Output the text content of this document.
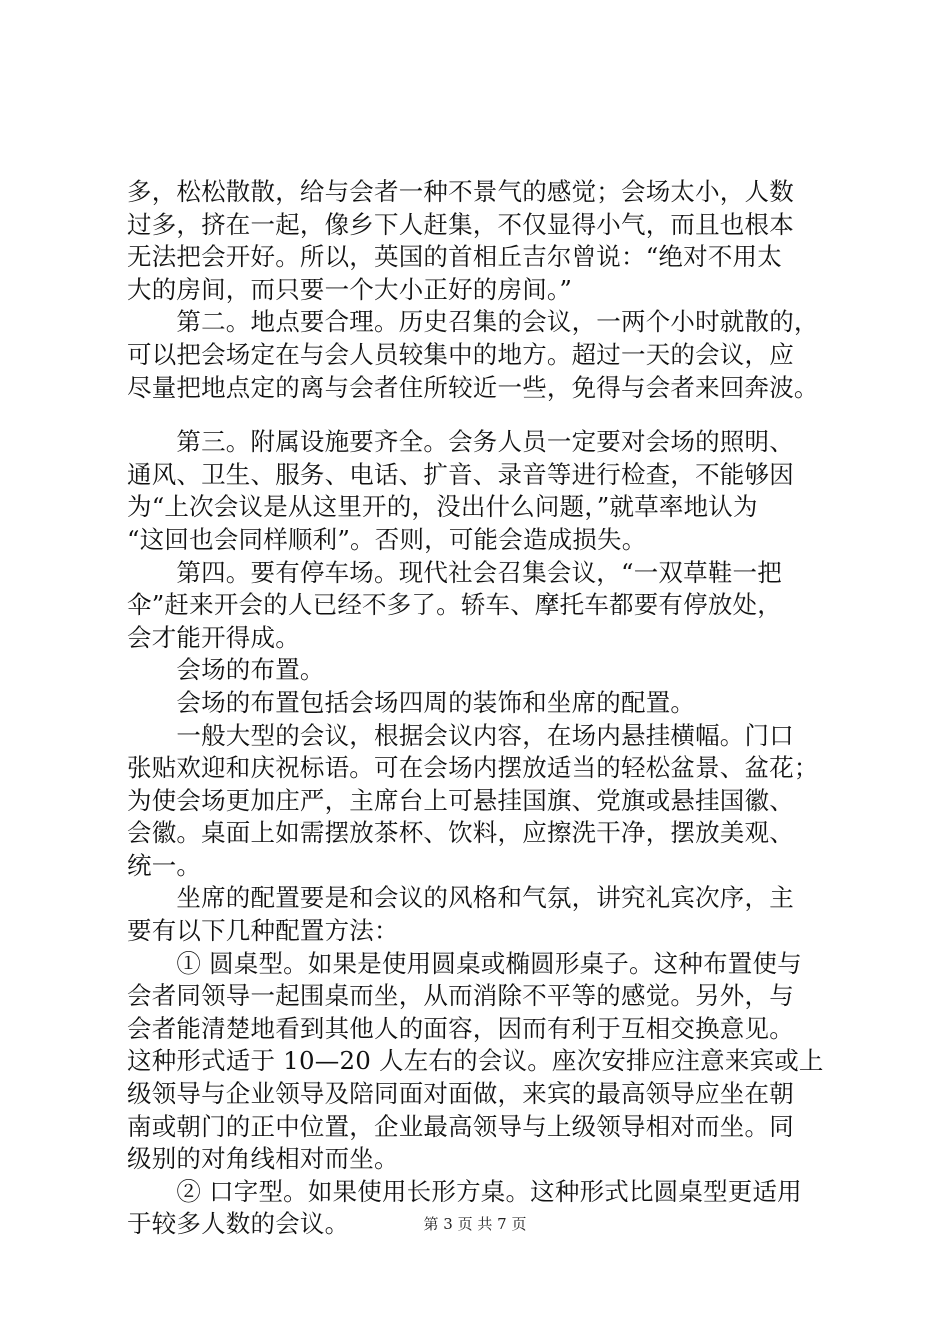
多，松松散散，给与会者一种不景气的感觉；会场太小，人数
过多，挤在一起，像乡下人赶集，不仅显得小气，而且也根本
无法把会开好。所以，英国的首相丘吉尔曾说：“绝对不用太
大的房间，而只要一个大小正好的房间。”
　　第二。地点要合理。历史召集的会议，一两个小时就散的，
可以把会场定在与会人员较集中的地方。超过一天的会议，应
尽量把地点定的离与会者住所较近一些，免得与会者来回奔波。
　　第三。附属设施要齐全。会务人员一定要对会场的照明、
通风、卫生、服务、电话、扩音、录音等进行检查，不能够因
为“上次会议是从这里开的，没出什么问题，”就草率地认为
“这回也会同样顺利”。否则，可能会造成损失。
　　第四。要有停车场。现代社会召集会议，“一双草鞋一把
伞”赶来开会的人已经不多了。轿车、摩托车都要有停放处，
会才能开得成。
　　会场的布置。
　　会场的布置包括会场四周的装饰和坐席的配置。
　　一般大型的会议，根据会议内容，在场内悬挂横幅。门口
张贴欢迎和庆祝标语。可在会场内摆放适当的轻松盆景、盆花；
为使会场更加庄严，主席台上可悬挂国旗、党旗或悬挂国徽、
会徽。桌面上如需摆放茶杯、饮料，应擦洗干净，摆放美观、
统一。
　　坐席的配置要是和会议的风格和气氛，讲究礼宾次序，主
要有以下几种配置方法：
　　① 圆桌型。如果是使用圆桌或椭圆形桌子。这种布置使与
会者同领导一起围桌而坐，从而消除不平等的感觉。另外，与
会者能清楚地看到其他人的面容，因而有利于互相交换意见。
这种形式适于 10—20 人左右的会议。座次安排应注意来宾或上
级领导与企业领导及陪同面对面做，来宾的最高领导应坐在朝
南或朝门的正中位置，企业最高领导与上级领导相对而坐。同
级别的对角线相对而坐。
　　② 口字型。如果使用长形方桌。这种形式比圆桌型更适用
于较多人数的会议。	第 3 页 共 7 页
